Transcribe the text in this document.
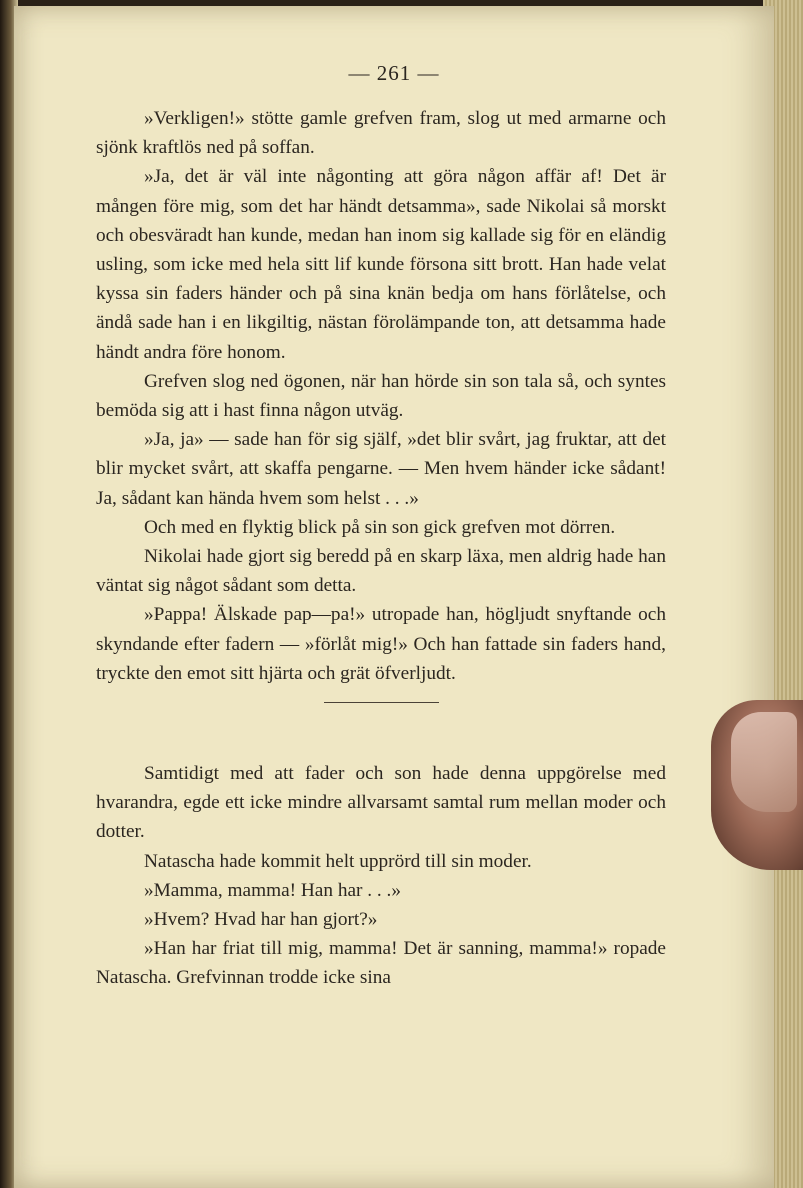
— 261 —

»Verkligen!» stötte gamle grefven fram, slog ut med armarne och sjönk kraftlös ned på soffan.

»Ja, det är väl inte någonting att göra någon affär af! Det är mången före mig, som det har händt detsamma», sade Nikolai så morskt och obesväradt han kunde, medan han inom sig kallade sig för en eländig usling, som icke med hela sitt lif kunde försona sitt brott. Han hade velat kyssa sin faders händer och på sina knän bedja om hans förlåtelse, och ändå sade han i en likgiltig, nästan förolämpande ton, att detsamma hade händt andra före honom.

Grefven slog ned ögonen, när han hörde sin son tala så, och syntes bemöda sig att i hast finna någon utväg.

»Ja, ja» — sade han för sig själf, »det blir svårt, jag fruktar, att det blir mycket svårt, att skaffa pengarne. — Men hvem händer icke sådant! Ja, sådant kan hända hvem som helst . . .»

Och med en flyktig blick på sin son gick grefven mot dörren.

Nikolai hade gjort sig beredd på en skarp läxa, men aldrig hade han väntat sig något sådant som detta.

»Pappa! Älskade pap—pa!» utropade han, högljudt snyftande och skyndande efter fadern — »förlåt mig!» Och han fattade sin faders hand, tryckte den emot sitt hjärta och grät öfverljudt.

Samtidigt med att fader och son hade denna uppgörelse med hvarandra, egde ett icke mindre allvarsamt samtal rum mellan moder och dotter.

Natascha hade kommit helt upprörd till sin moder.

»Mamma, mamma! Han har . . .»

»Hvem? Hvad har han gjort?»

»Han har friat till mig, mamma! Det är sanning, mamma!» ropade Natascha. Grefvinnan trodde icke sina
